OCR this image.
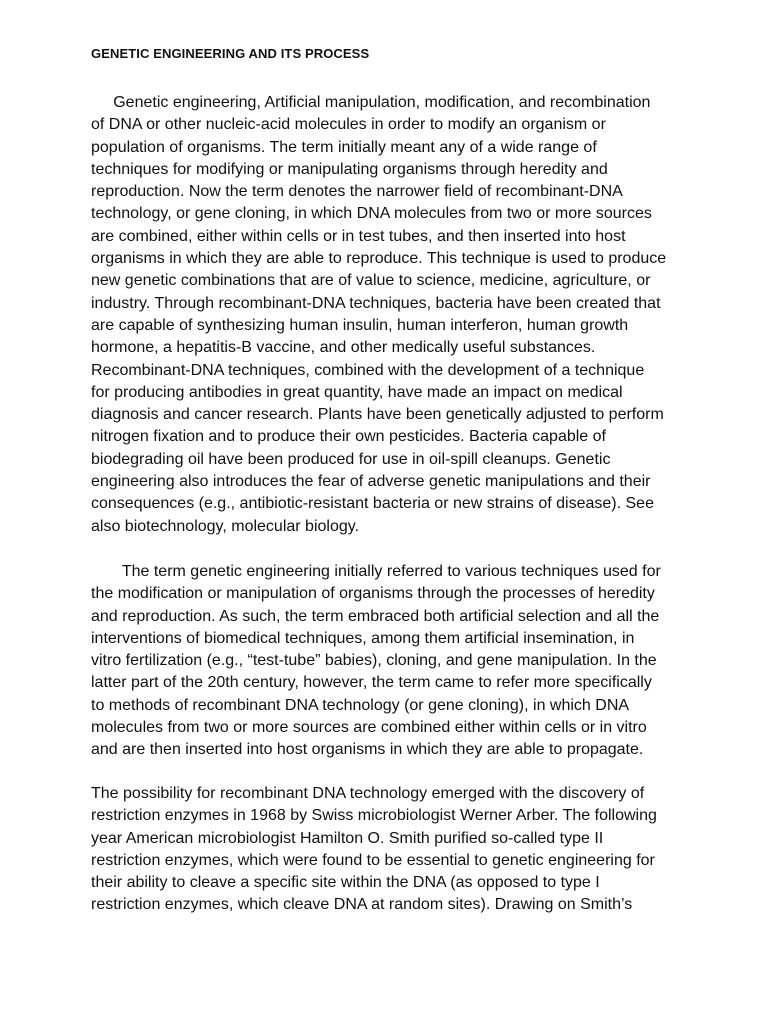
GENETIC ENGINEERING AND ITS PROCESS
Genetic engineering, Artificial manipulation, modification, and recombination
of DNA or other nucleic-acid molecules in order to modify an organism or
population of organisms. The term initially meant any of a wide range of
techniques for modifying or manipulating organisms through heredity and
reproduction. Now the term denotes the narrower field of recombinant-DNA
technology, or gene cloning, in which DNA molecules from two or more sources
are combined, either within cells or in test tubes, and then inserted into host
organisms in which they are able to reproduce. This technique is used to produce
new genetic combinations that are of value to science, medicine, agriculture, or
industry. Through recombinant-DNA techniques, bacteria have been created that
are capable of synthesizing human insulin, human interferon, human growth
hormone, a hepatitis-B vaccine, and other medically useful substances.
Recombinant-DNA techniques, combined with the development of a technique
for producing antibodies in great quantity, have made an impact on medical
diagnosis and cancer research. Plants have been genetically adjusted to perform
nitrogen fixation and to produce their own pesticides. Bacteria capable of
biodegrading oil have been produced for use in oil-spill cleanups. Genetic
engineering also introduces the fear of adverse genetic manipulations and their
consequences (e.g., antibiotic-resistant bacteria or new strains of disease). See
also biotechnology, molecular biology.
The term genetic engineering initially referred to various techniques used for
the modification or manipulation of organisms through the processes of heredity
and reproduction. As such, the term embraced both artificial selection and all the
interventions of biomedical techniques, among them artificial insemination, in
vitro fertilization (e.g., “test-tube” babies), cloning, and gene manipulation. In the
latter part of the 20th century, however, the term came to refer more specifically
to methods of recombinant DNA technology (or gene cloning), in which DNA
molecules from two or more sources are combined either within cells or in vitro
and are then inserted into host organisms in which they are able to propagate.
The possibility for recombinant DNA technology emerged with the discovery of
restriction enzymes in 1968 by Swiss microbiologist Werner Arber. The following
year American microbiologist Hamilton O. Smith purified so-called type II
restriction enzymes, which were found to be essential to genetic engineering for
their ability to cleave a specific site within the DNA (as opposed to type I
restriction enzymes, which cleave DNA at random sites). Drawing on Smith’s
